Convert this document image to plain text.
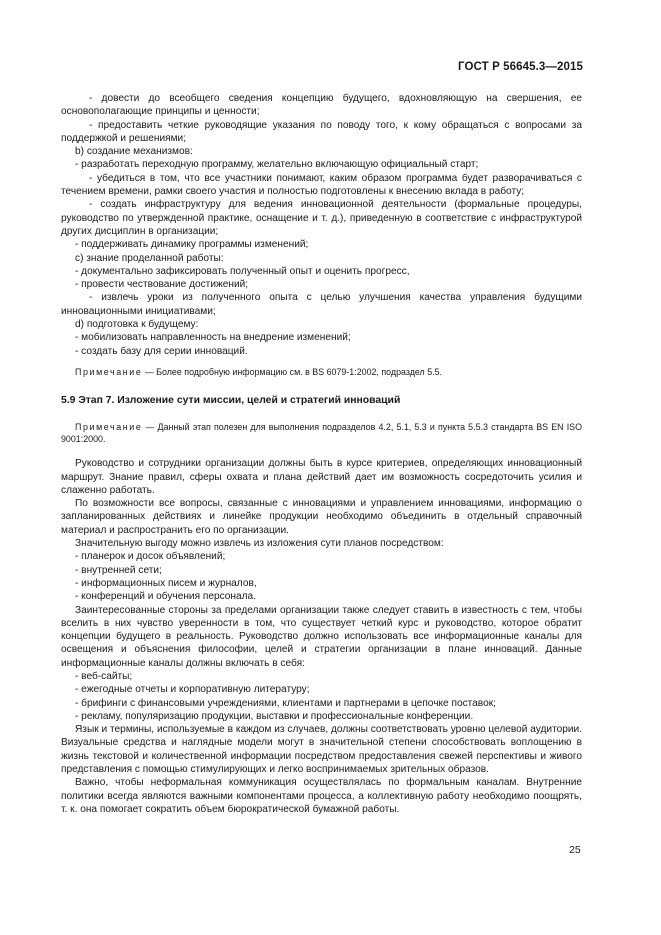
ГОСТ Р 56645.3—2015

- довести до всеобщего сведения концепцию будущего, вдохновляющую на свершения, ее основополагающие принципы и ценности;

- предоставить четкие руководящие указания по поводу того, к кому обращаться с вопросами за поддержкой и решениями;

b) создание механизмов:

- разработать переходную программу, желательно включающую официальный старт;

- убедиться в том, что все участники понимают, каким образом программа будет разворачиваться с течением времени, рамки своего участия и полностью подготовлены к внесению вклада в работу;

- создать инфраструктуру для ведения инновационной деятельности (формальные процедуры, руководство по утвержденной практике, оснащение и т. д.), приведенную в соответствие с инфраструктурой других дисциплин в организации;

- поддерживать динамику программы изменений;

c) знание проделанной работы:

- документально зафиксировать полученный опыт и оценить прогресс,

- провести чествование достижений;

- извлечь уроки из полученного опыта с целью улучшения качества управления будущими инновационными инициативами;

d) подготовка к будущему:

- мобилизовать направленность на внедрение изменений;

- создать базу для серии инноваций.

Примечание — Более подробную информацию см. в BS 6079-1:2002, подраздел 5.5.

5.9 Этап 7. Изложение сути миссии, целей и стратегий инноваций

Примечание — Данный этап полезен для выполнения подразделов 4.2, 5.1, 5.3 и пункта 5.5.3 стандарта BS EN ISO 9001:2000.

Руководство и сотрудники организации должны быть в курсе критериев, определяющих инновационный маршрут. Знание правил, сферы охвата и плана действий дает им возможность сосредоточить усилия и слаженно работать.

По возможности все вопросы, связанные с инновациями и управлением инновациями, информацию о запланированных действиях и линейке продукции необходимо объединить в отдельный справочный материал и распространить его по организации.

Значительную выгоду можно извлечь из изложения сути планов посредством:

- планерок и досок объявлений;

- внутренней сети;

- информационных писем и журналов,

- конференций и обучения персонала.

Заинтересованные стороны за пределами организации также следует ставить в известность с тем, чтобы вселить в них чувство уверенности в том, что существует четкий курс и руководство, которое обратит концепции будущего в реальность. Руководство должно использовать все информационные каналы для освещения и объяснения философии, целей и стратегии организации в плане инноваций. Данные информационные каналы должны включать в себя:

- веб-сайты;

- ежегодные отчеты и корпоративную литературу;

- брифинги с финансовыми учреждениями, клиентами и партнерами в цепочке поставок;

- рекламу, популяризацию продукции, выставки и профессиональные конференции.

Язык и термины, используемые в каждом из случаев, должны соответствовать уровню целевой аудитории. Визуальные средства и наглядные модели могут в значительной степени способствовать воплощению в жизнь текстовой и количественной информации посредством предоставления свежей перспективы и живого представления с помощью стимулирующих и легко воспринимаемых зрительных образов.

Важно, чтобы неформальная коммуникация осуществлялась по формальным каналам. Внутренние политики всегда являются важными компонентами процесса, а коллективную работу необходимо поощрять, т. к. она помогает сократить объем бюрократической бумажной работы.

25
